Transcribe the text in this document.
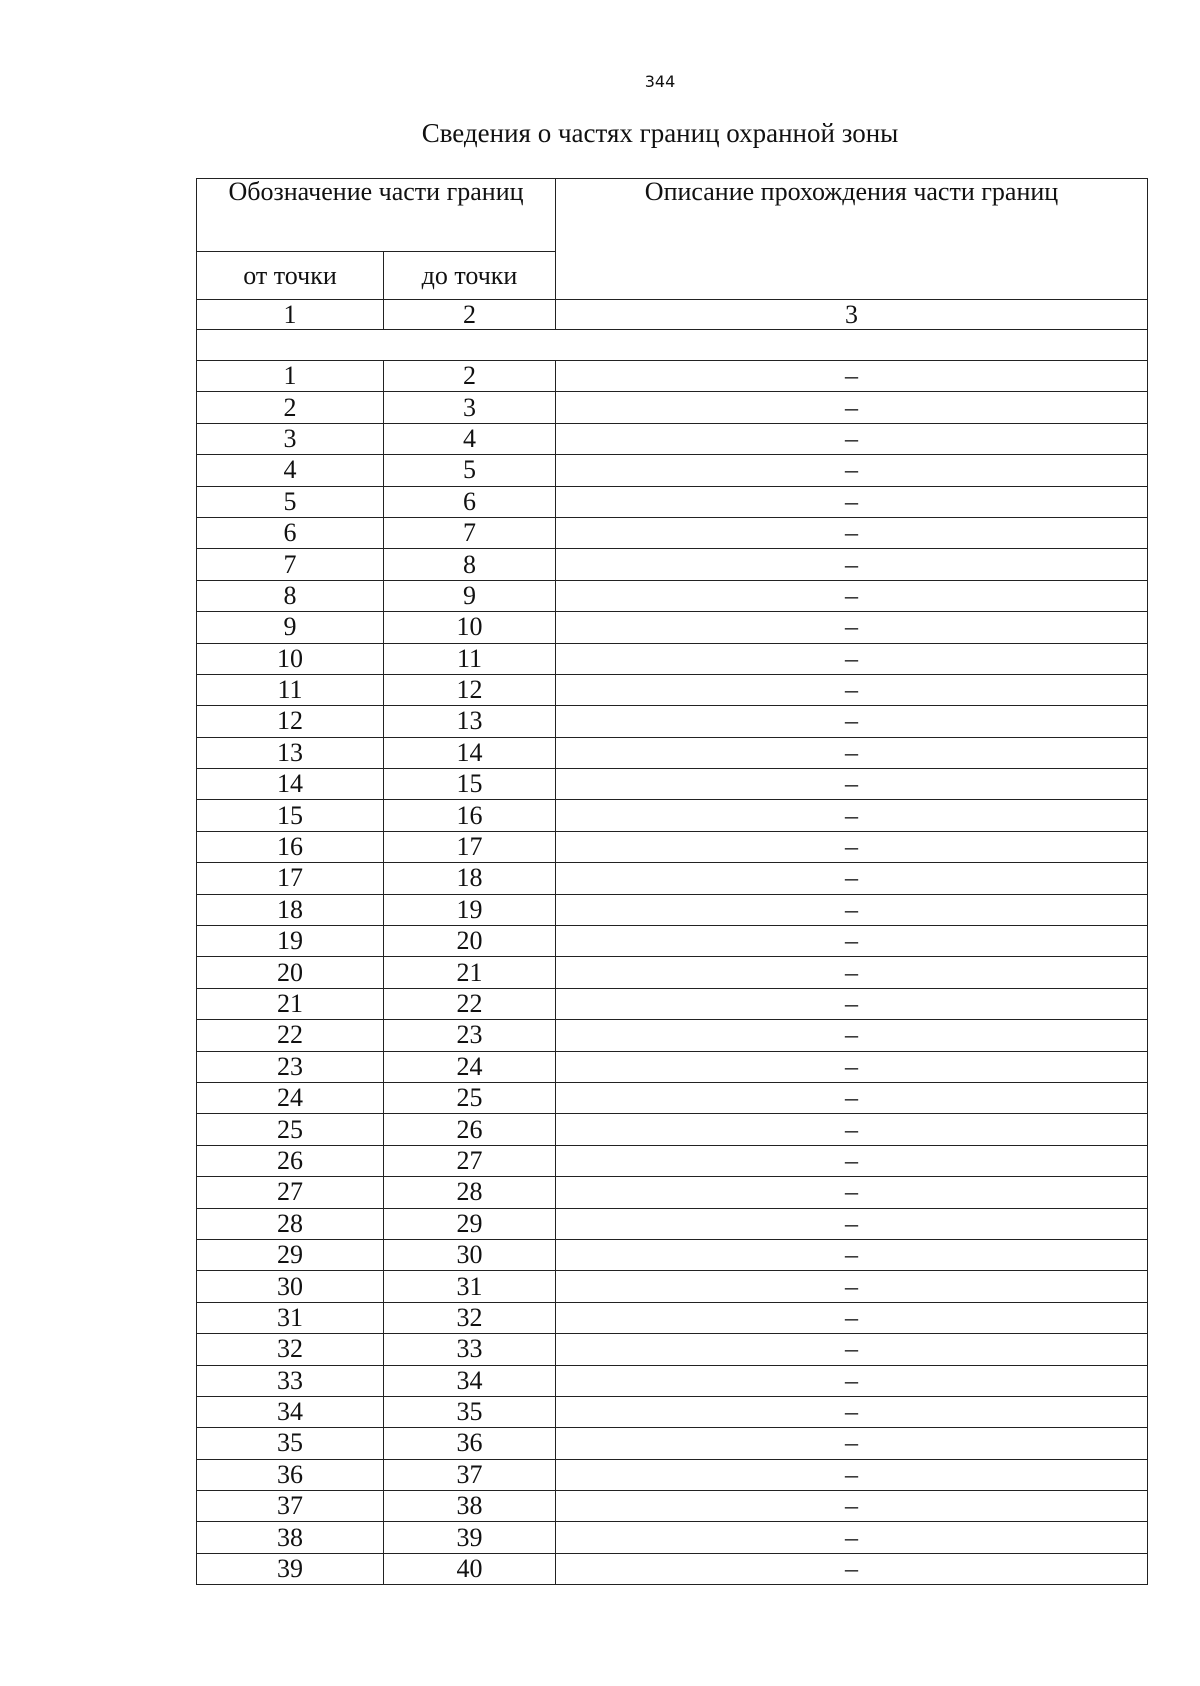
344
Сведения о частях границ охранной зоны
Обозначение части границ		Описание прохождения части границ
от точки	до точки	
1	2	3

1	2	–
2	3	–
3	4	–
4	5	–
5	6	–
6	7	–
7	8	–
8	9	–
9	10	–
10	11	–
11	12	–
12	13	–
13	14	–
14	15	–
15	16	–
16	17	–
17	18	–
18	19	–
19	20	–
20	21	–
21	22	–
22	23	–
23	24	–
24	25	–
25	26	–
26	27	–
27	28	–
28	29	–
29	30	–
30	31	–
31	32	–
32	33	–
33	34	–
34	35	–
35	36	–
36	37	–
37	38	–
38	39	–
39	40	–
